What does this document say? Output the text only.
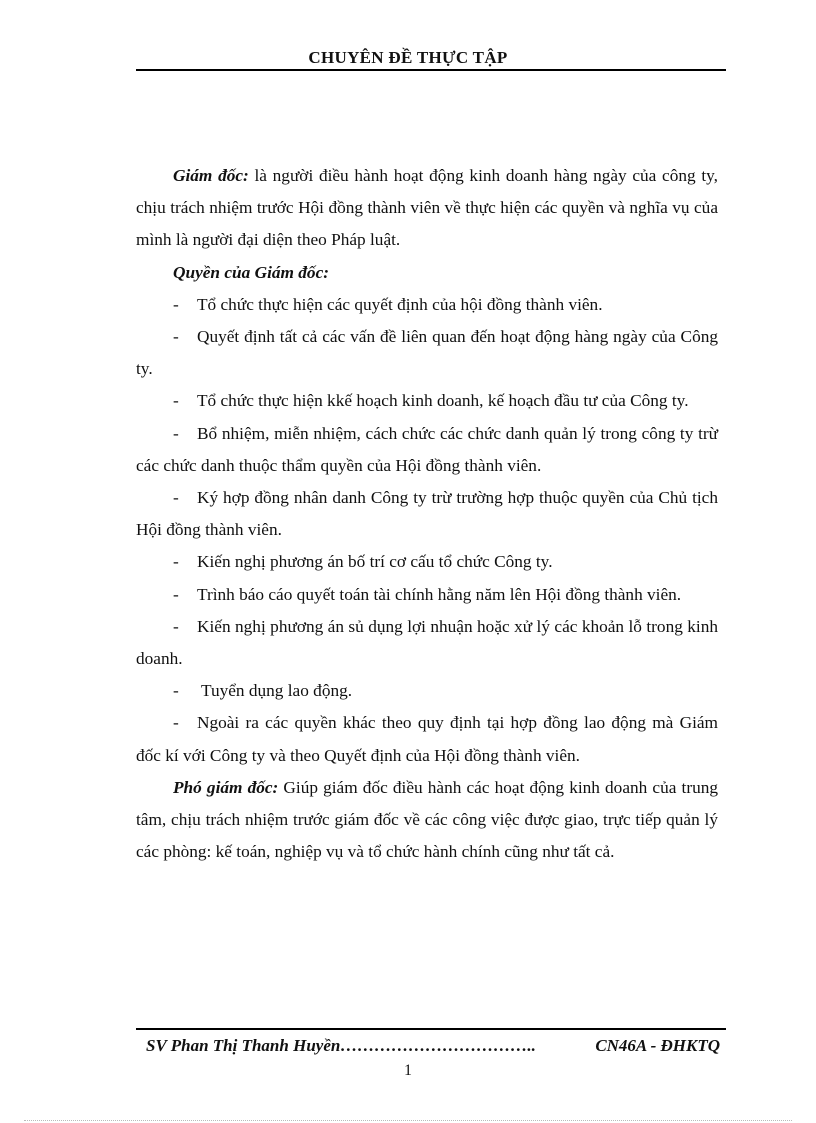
CHUYÊN ĐỀ THỰC TẬP

Giám đốc: là người điều hành hoạt động kinh doanh hàng ngày của công ty, chịu trách nhiệm trước Hội đồng thành viên về thực hiện các quyền và nghĩa vụ của mình là người đại diện theo Pháp luật.

Quyền của Giám đốc:

- Tổ chức thực hiện các quyết định của hội đồng thành viên.

- Quyết định tất cả các vấn đề liên quan đến hoạt động hàng ngày của Công ty.

- Tổ chức thực hiện kkế hoạch kinh doanh, kế hoạch đầu tư của Công ty.

- Bổ nhiệm, miễn nhiệm, cách chức các chức danh quản lý trong công ty trừ các chức danh thuộc thẩm quyền của Hội đồng thành viên.

- Ký hợp đồng nhân danh Công ty trừ trường hợp thuộc quyền của Chủ tịch Hội đồng thành viên.

- Kiến nghị phương án bố trí cơ cấu tổ chức Công ty.

- Trình báo cáo quyết toán tài chính hằng năm lên Hội đồng thành viên.

- Kiến nghị phương án sủ dụng lợi nhuận hoặc xử lý các khoản lỗ trong kinh doanh.

- Tuyển dụng lao động.

- Ngoài ra các quyền khác theo quy định tại hợp đồng lao động mà Giám đốc kí với Công ty và theo Quyết định của Hội đồng thành viên.

Phó giám đốc: Giúp giám đốc điều hành các hoạt động kinh doanh của trung tâm, chịu trách nhiệm trước giám đốc về các công việc được giao, trực tiếp quản lý các phòng: kế toán, nghiệp vụ và tổ chức hành chính cũng như tất cả.

SV Phan Thị Thanh Huyền ……………………………..	CN46A - ĐHKTQ
1
